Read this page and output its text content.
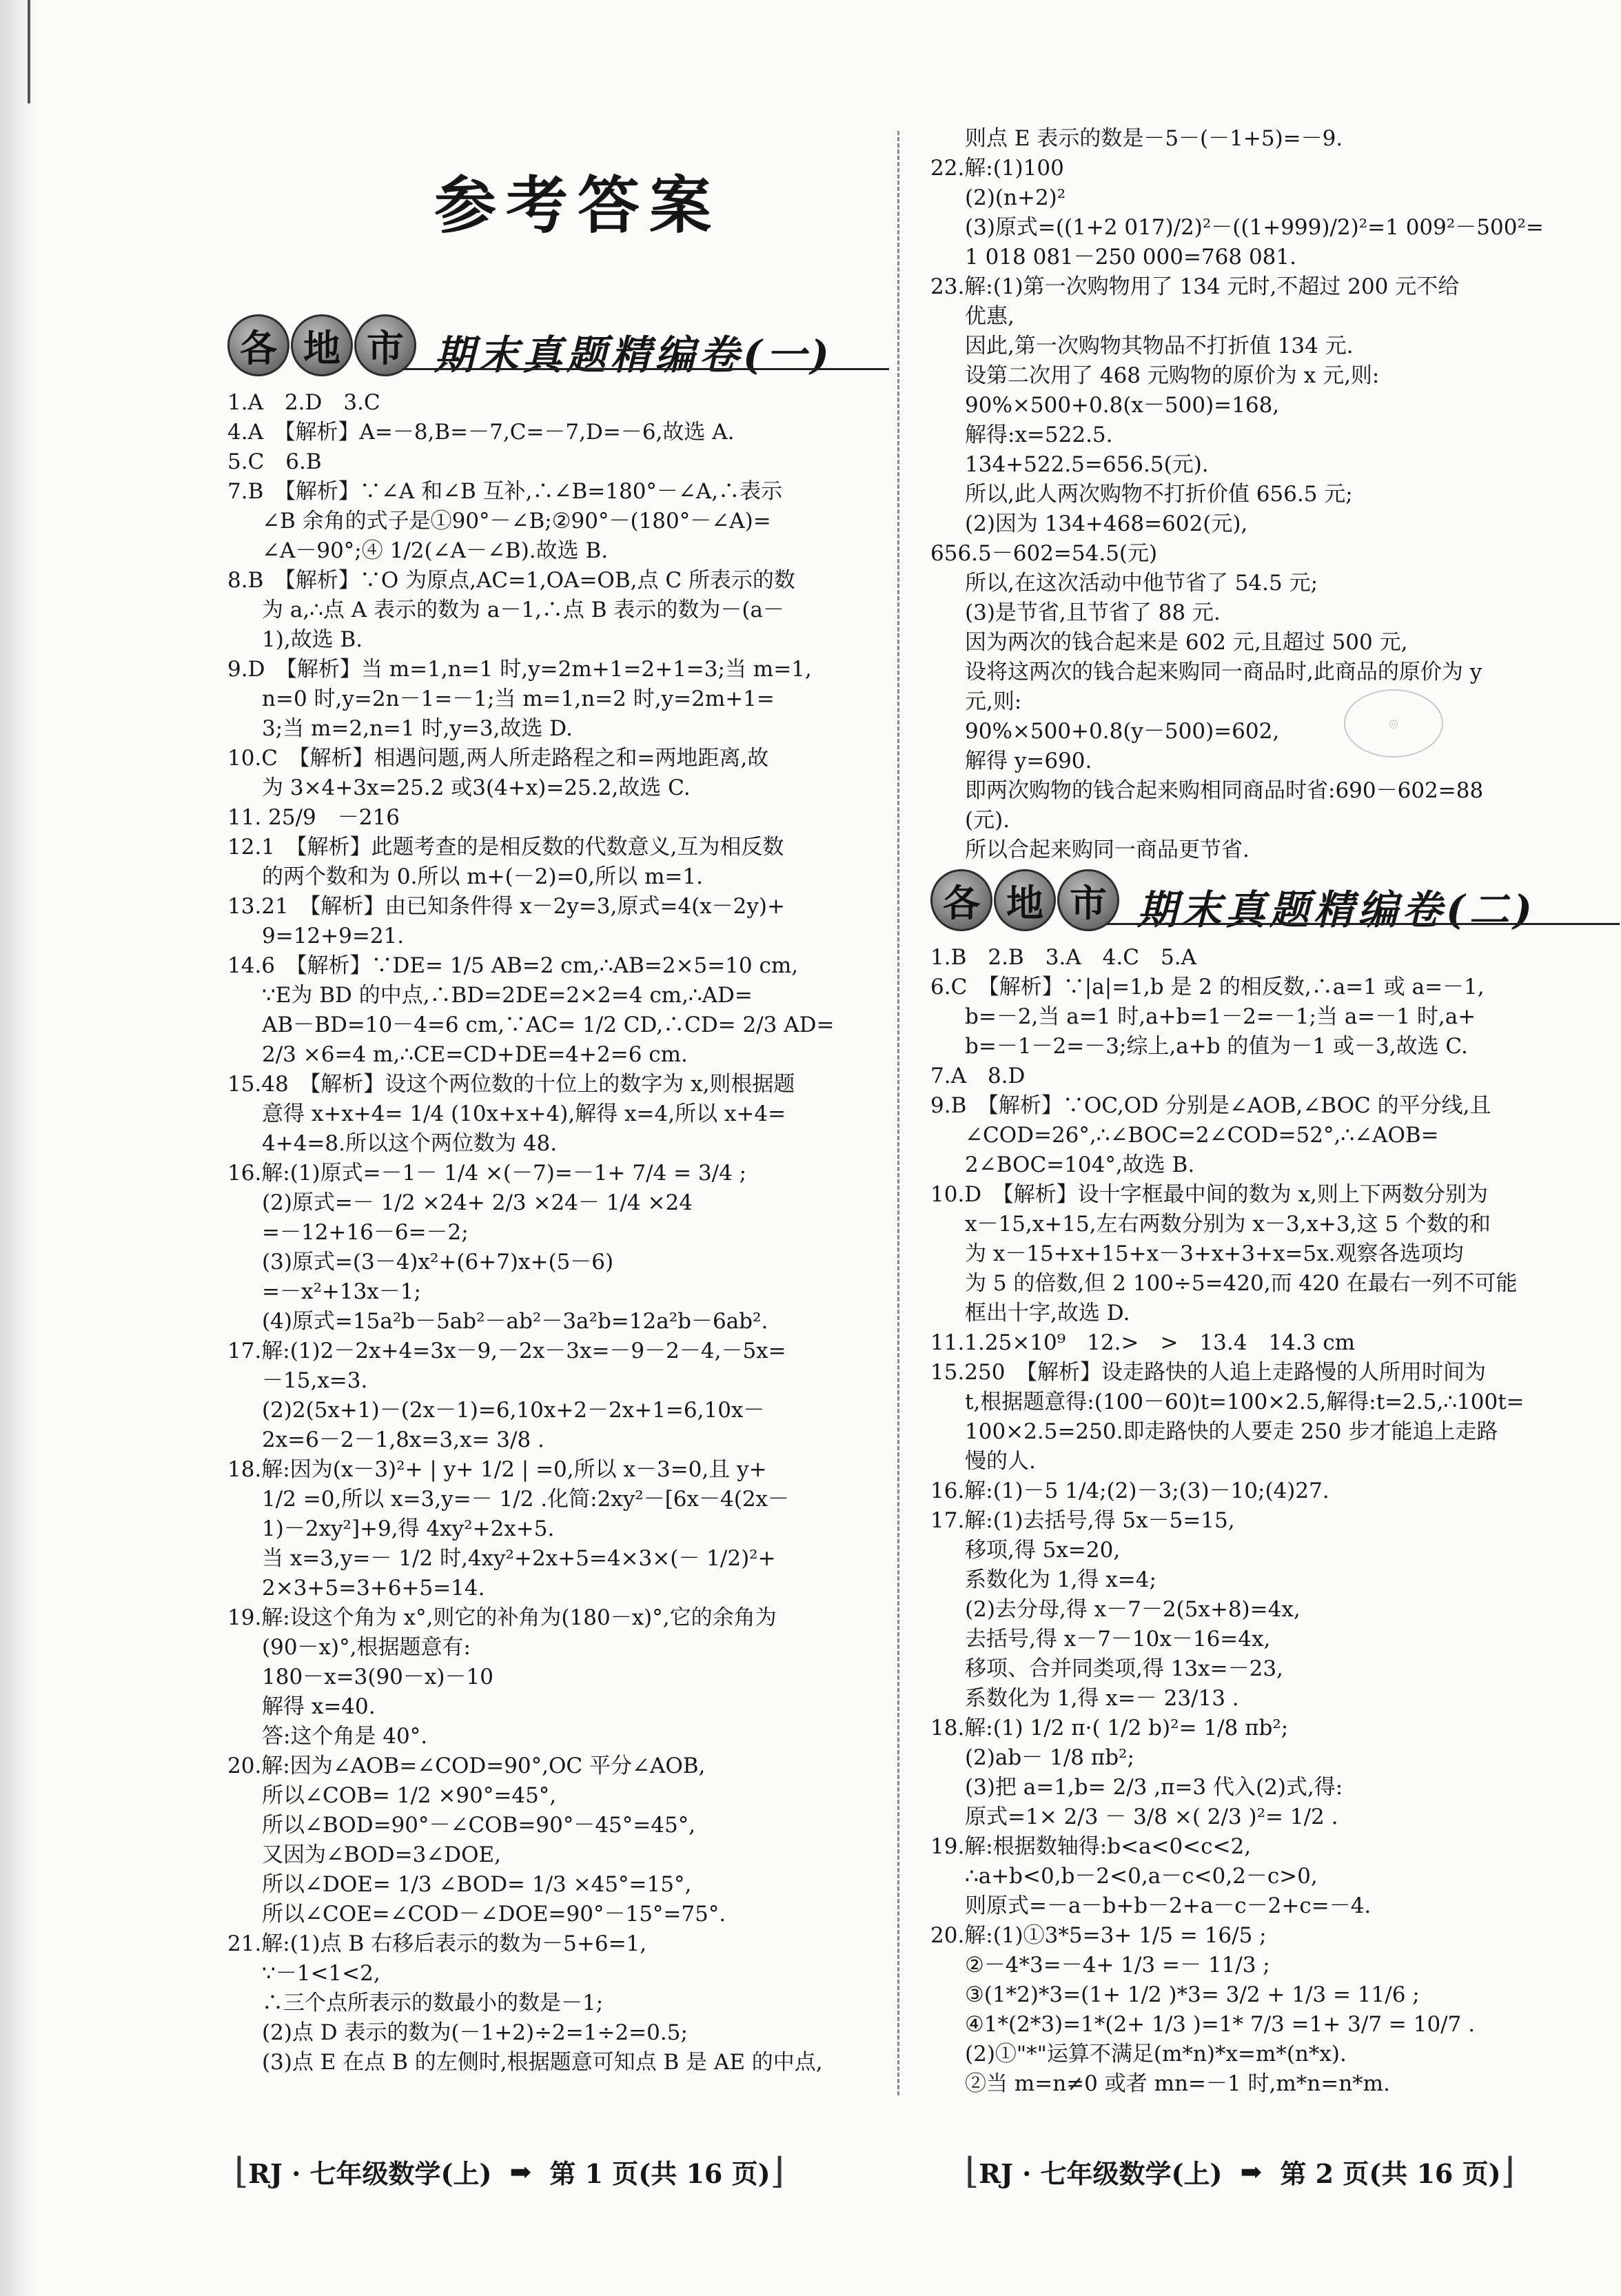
参考答案
各 地 市 期末真题精编卷(一)
1.A　2.D　3.C
4.A　【解析】A=－8,B=－7,C=－7,D=－6,故选 A.
5.C　6.B
7.B　【解析】∵∠A 和∠B 互补,∴∠B=180°－∠A,∴表示
∠B 余角的式子是①90°－∠B;②90°－(180°－∠A)=
∠A－90°;④ 1/2(∠A－∠B).故选 B.
8.B　【解析】∵O 为原点,AC=1,OA=OB,点 C 所表示的数
为 a,∴点 A 表示的数为 a－1,∴点 B 表示的数为－(a－
1),故选 B.
9.D　【解析】当 m=1,n=1 时,y=2m+1=2+1=3;当 m=1,
n=0 时,y=2n－1=－1;当 m=1,n=2 时,y=2m+1=
3;当 m=2,n=1 时,y=3,故选 D.
10.C　【解析】相遇问题,两人所走路程之和=两地距离,故
为 3×4+3x=25.2 或3(4+x)=25.2,故选 C.
11. 25/9　－216
12.1　【解析】此题考查的是相反数的代数意义,互为相反数
的两个数和为 0.所以 m+(－2)=0,所以 m=1.
13.21　【解析】由已知条件得 x－2y=3,原式=4(x－2y)+
9=12+9=21.
14.6　【解析】∵DE= 1/5 AB=2 cm,∴AB=2×5=10 cm,
∵E为 BD 的中点,∴BD=2DE=2×2=4 cm,∴AD=
AB－BD=10－4=6 cm,∵AC= 1/2 CD,∴CD= 2/3 AD=
2/3 ×6=4 m,∴CE=CD+DE=4+2=6 cm.
15.48　【解析】设这个两位数的十位上的数字为 x,则根据题
意得 x+x+4= 1/4 (10x+x+4),解得 x=4,所以 x+4=
4+4=8.所以这个两位数为 48.
16.解:(1)原式=－1－ 1/4 ×(－7)=－1+ 7/4 = 3/4 ;
(2)原式=－ 1/2 ×24+ 2/3 ×24－ 1/4 ×24
=－12+16－6=－2;
(3)原式=(3－4)x²+(6+7)x+(5－6)
=－x²+13x－1;
(4)原式=15a²b－5ab²－ab²－3a²b=12a²b－6ab².
17.解:(1)2－2x+4=3x－9,－2x－3x=－9－2－4,－5x=
－15,x=3.
(2)2(5x+1)－(2x－1)=6,10x+2－2x+1=6,10x－
2x=6－2－1,8x=3,x= 3/8 .
18.解:因为(x－3)²+ | y+ 1/2 | =0,所以 x－3=0,且 y+
1/2 =0,所以 x=3,y=－ 1/2 .化简:2xy²－[6x－4(2x－
1)－2xy²]+9,得 4xy²+2x+5.
当 x=3,y=－ 1/2 时,4xy²+2x+5=4×3×(－ 1/2)²+
2×3+5=3+6+5=14.
19.解:设这个角为 x°,则它的补角为(180－x)°,它的余角为
(90－x)°,根据题意有:
180－x=3(90－x)－10
解得 x=40.
答:这个角是 40°.
20.解:因为∠AOB=∠COD=90°,OC 平分∠AOB,
所以∠COB= 1/2 ×90°=45°,
所以∠BOD=90°－∠COB=90°－45°=45°,
又因为∠BOD=3∠DOE,
所以∠DOE= 1/3 ∠BOD= 1/3 ×45°=15°,
所以∠COE=∠COD－∠DOE=90°－15°=75°.
21.解:(1)点 B 右移后表示的数为－5+6=1,
∵－1<1<2,
∴三个点所表示的数最小的数是－1;
(2)点 D 表示的数为(－1+2)÷2=1÷2=0.5;
(3)点 E 在点 B 的左侧时,根据题意可知点 B 是 AE 的中点,
则点 E 表示的数是－5－(－1+5)=－9.
22.解:(1)100
(2)(n+2)²
(3)原式=((1+2 017)/2)²－((1+999)/2)²=1 009²－500²=
1 018 081－250 000=768 081.
23.解:(1)第一次购物用了 134 元时,不超过 200 元不给
优惠,
因此,第一次购物其物品不打折值 134 元.
设第二次用了 468 元购物的原价为 x 元,则:
90%×500+0.8(x－500)=168,
解得:x=522.5.
134+522.5=656.5(元).
所以,此人两次购物不打折价值 656.5 元;
(2)因为 134+468=602(元),
656.5－602=54.5(元)
所以,在这次活动中他节省了 54.5 元;
(3)是节省,且节省了 88 元.
因为两次的钱合起来是 602 元,且超过 500 元,
设将这两次的钱合起来购同一商品时,此商品的原价为 y
元,则:
90%×500+0.8(y－500)=602,
解得 y=690.
即两次购物的钱合起来购相同商品时省:690－602=88
(元).
所以合起来购同一商品更节省.
各 地 市 期末真题精编卷(二)
1.B　2.B　3.A　4.C　5.A
6.C　【解析】∵|a|=1,b 是 2 的相反数,∴a=1 或 a=－1,
b=－2,当 a=1 时,a+b=1－2=－1;当 a=－1 时,a+
b=－1－2=－3;综上,a+b 的值为－1 或－3,故选 C.
7.A　8.D
9.B　【解析】∵OC,OD 分别是∠AOB,∠BOC 的平分线,且
∠COD=26°,∴∠BOC=2∠COD=52°,∴∠AOB=
2∠BOC=104°,故选 B.
10.D　【解析】设十字框最中间的数为 x,则上下两数分别为
x－15,x+15,左右两数分别为 x－3,x+3,这 5 个数的和
为 x－15+x+15+x－3+x+3+x=5x.观察各选项均
为 5 的倍数,但 2 100÷5=420,而 420 在最右一列不可能
框出十字,故选 D.
11.1.25×10⁹　12.>　>　13.4　14.3 cm
15.250　【解析】设走路快的人追上走路慢的人所用时间为
t,根据题意得:(100－60)t=100×2.5,解得:t=2.5,∴100t=
100×2.5=250.即走路快的人要走 250 步才能追上走路
慢的人.
16.解:(1)－5 1/4;(2)－3;(3)－10;(4)27.
17.解:(1)去括号,得 5x－5=15,
移项,得 5x=20,
系数化为 1,得 x=4;
(2)去分母,得 x－7－2(5x+8)=4x,
去括号,得 x－7－10x－16=4x,
移项、合并同类项,得 13x=－23,
系数化为 1,得 x=－ 23/13 .
18.解:(1) 1/2 π·( 1/2 b)²= 1/8 πb²;
(2)ab－ 1/8 πb²;
(3)把 a=1,b= 2/3 ,π=3 代入(2)式,得:
原式=1× 2/3 － 3/8 ×( 2/3 )²= 1/2 .
19.解:根据数轴得:b<a<0<c<2,
∴a+b<0,b－2<0,a－c<0,2－c>0,
则原式=－a－b+b－2+a－c－2+c=－4.
20.解:(1)①3*5=3+ 1/5 = 16/5 ;
②－4*3=－4+ 1/3 =－ 11/3 ;
③(1*2)*3=(1+ 1/2 )*3= 3/2 + 1/3 = 11/6 ;
④1*(2*3)=1*(2+ 1/3 )=1* 7/3 =1+ 3/7 = 10/7 .
(2)①"*"运算不满足(m*n)*x=m*(n*x).
②当 m=n≠0 或者 mn=－1 时,m*n=n*m.
◎
⌊ RJ · 七年级数学(上) ➡ 第 1 页(共 16 页) ⌋	⌊ RJ · 七年级数学(上) ➡ 第 2 页(共 16 页) ⌋
